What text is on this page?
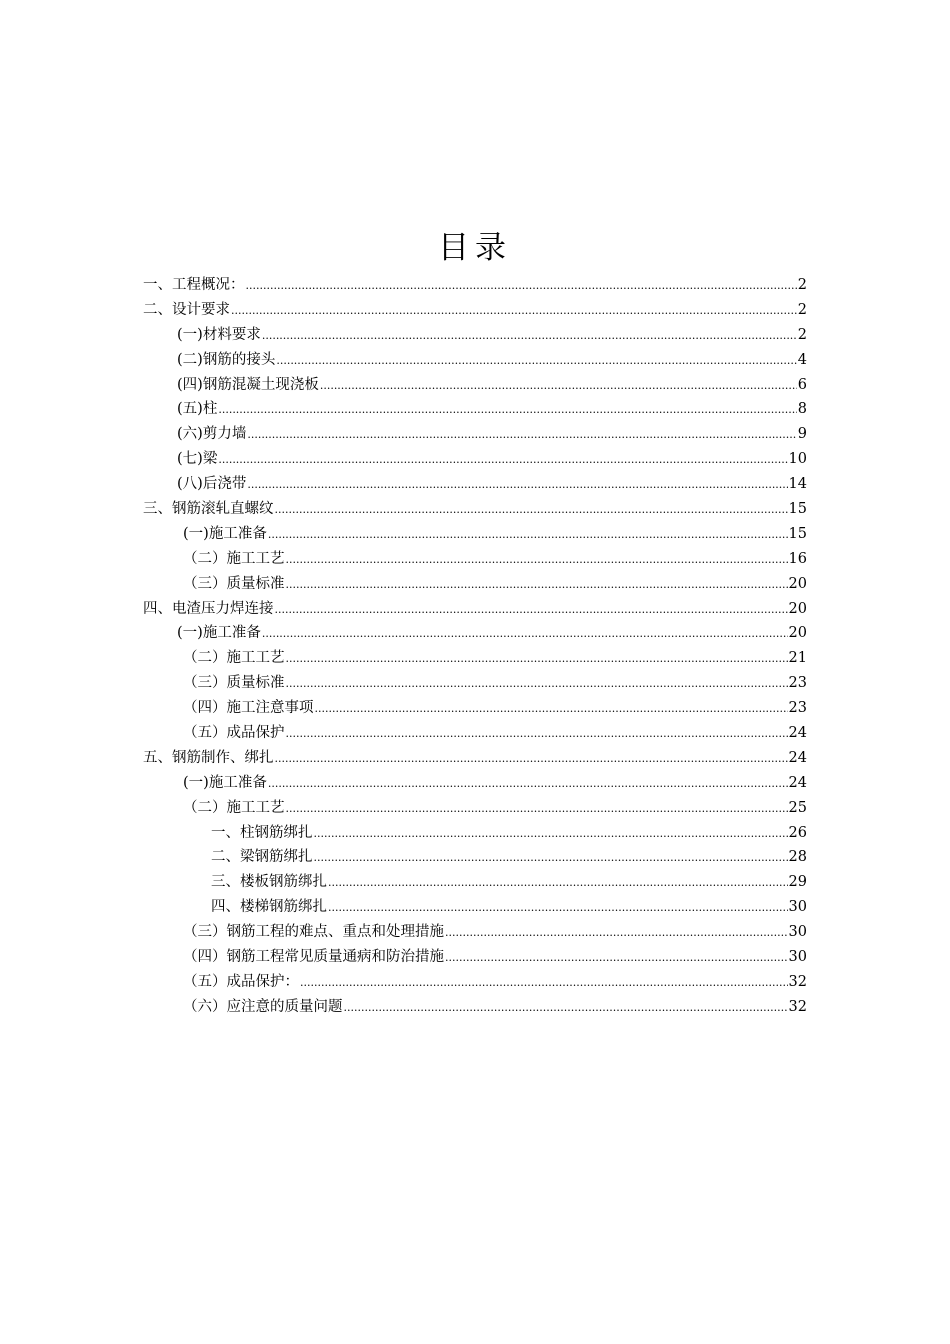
目录
一、工程概况： .....	2
二、设计要求 .....	2
(一)材料要求 .....	2
(二)钢筋的接头 .....	4
(四)钢筋混凝土现浇板 .....	6
(五)柱 .....	8
(六)剪力墙 .....	9
(七)梁 .....	10
(八)后浇带 .....	14
三、钢筋滚轧直螺纹 .....	15
(一)施工准备 .....	15
（二）施工工艺 .....	16
（三）质量标准 .....	20
四、电渣压力焊连接 .....	20
(一)施工准备 .....	20
（二）施工工艺 .....	21
（三）质量标准 .....	23
（四）施工注意事项 .....	23
（五）成品保护 .....	24
五、钢筋制作、绑扎 .....	24
(一)施工准备 .....	24
（二）施工工艺 .....	25
一、柱钢筋绑扎 .....	26
二、梁钢筋绑扎 .....	28
三、楼板钢筋绑扎 .....	29
四、楼梯钢筋绑扎 .....	30
（三）钢筋工程的难点、重点和处理措施 .....	30
（四）钢筋工程常见质量通病和防治措施 .....	30
（五）成品保护： .....	32
（六）应注意的质量问题 .....	32
